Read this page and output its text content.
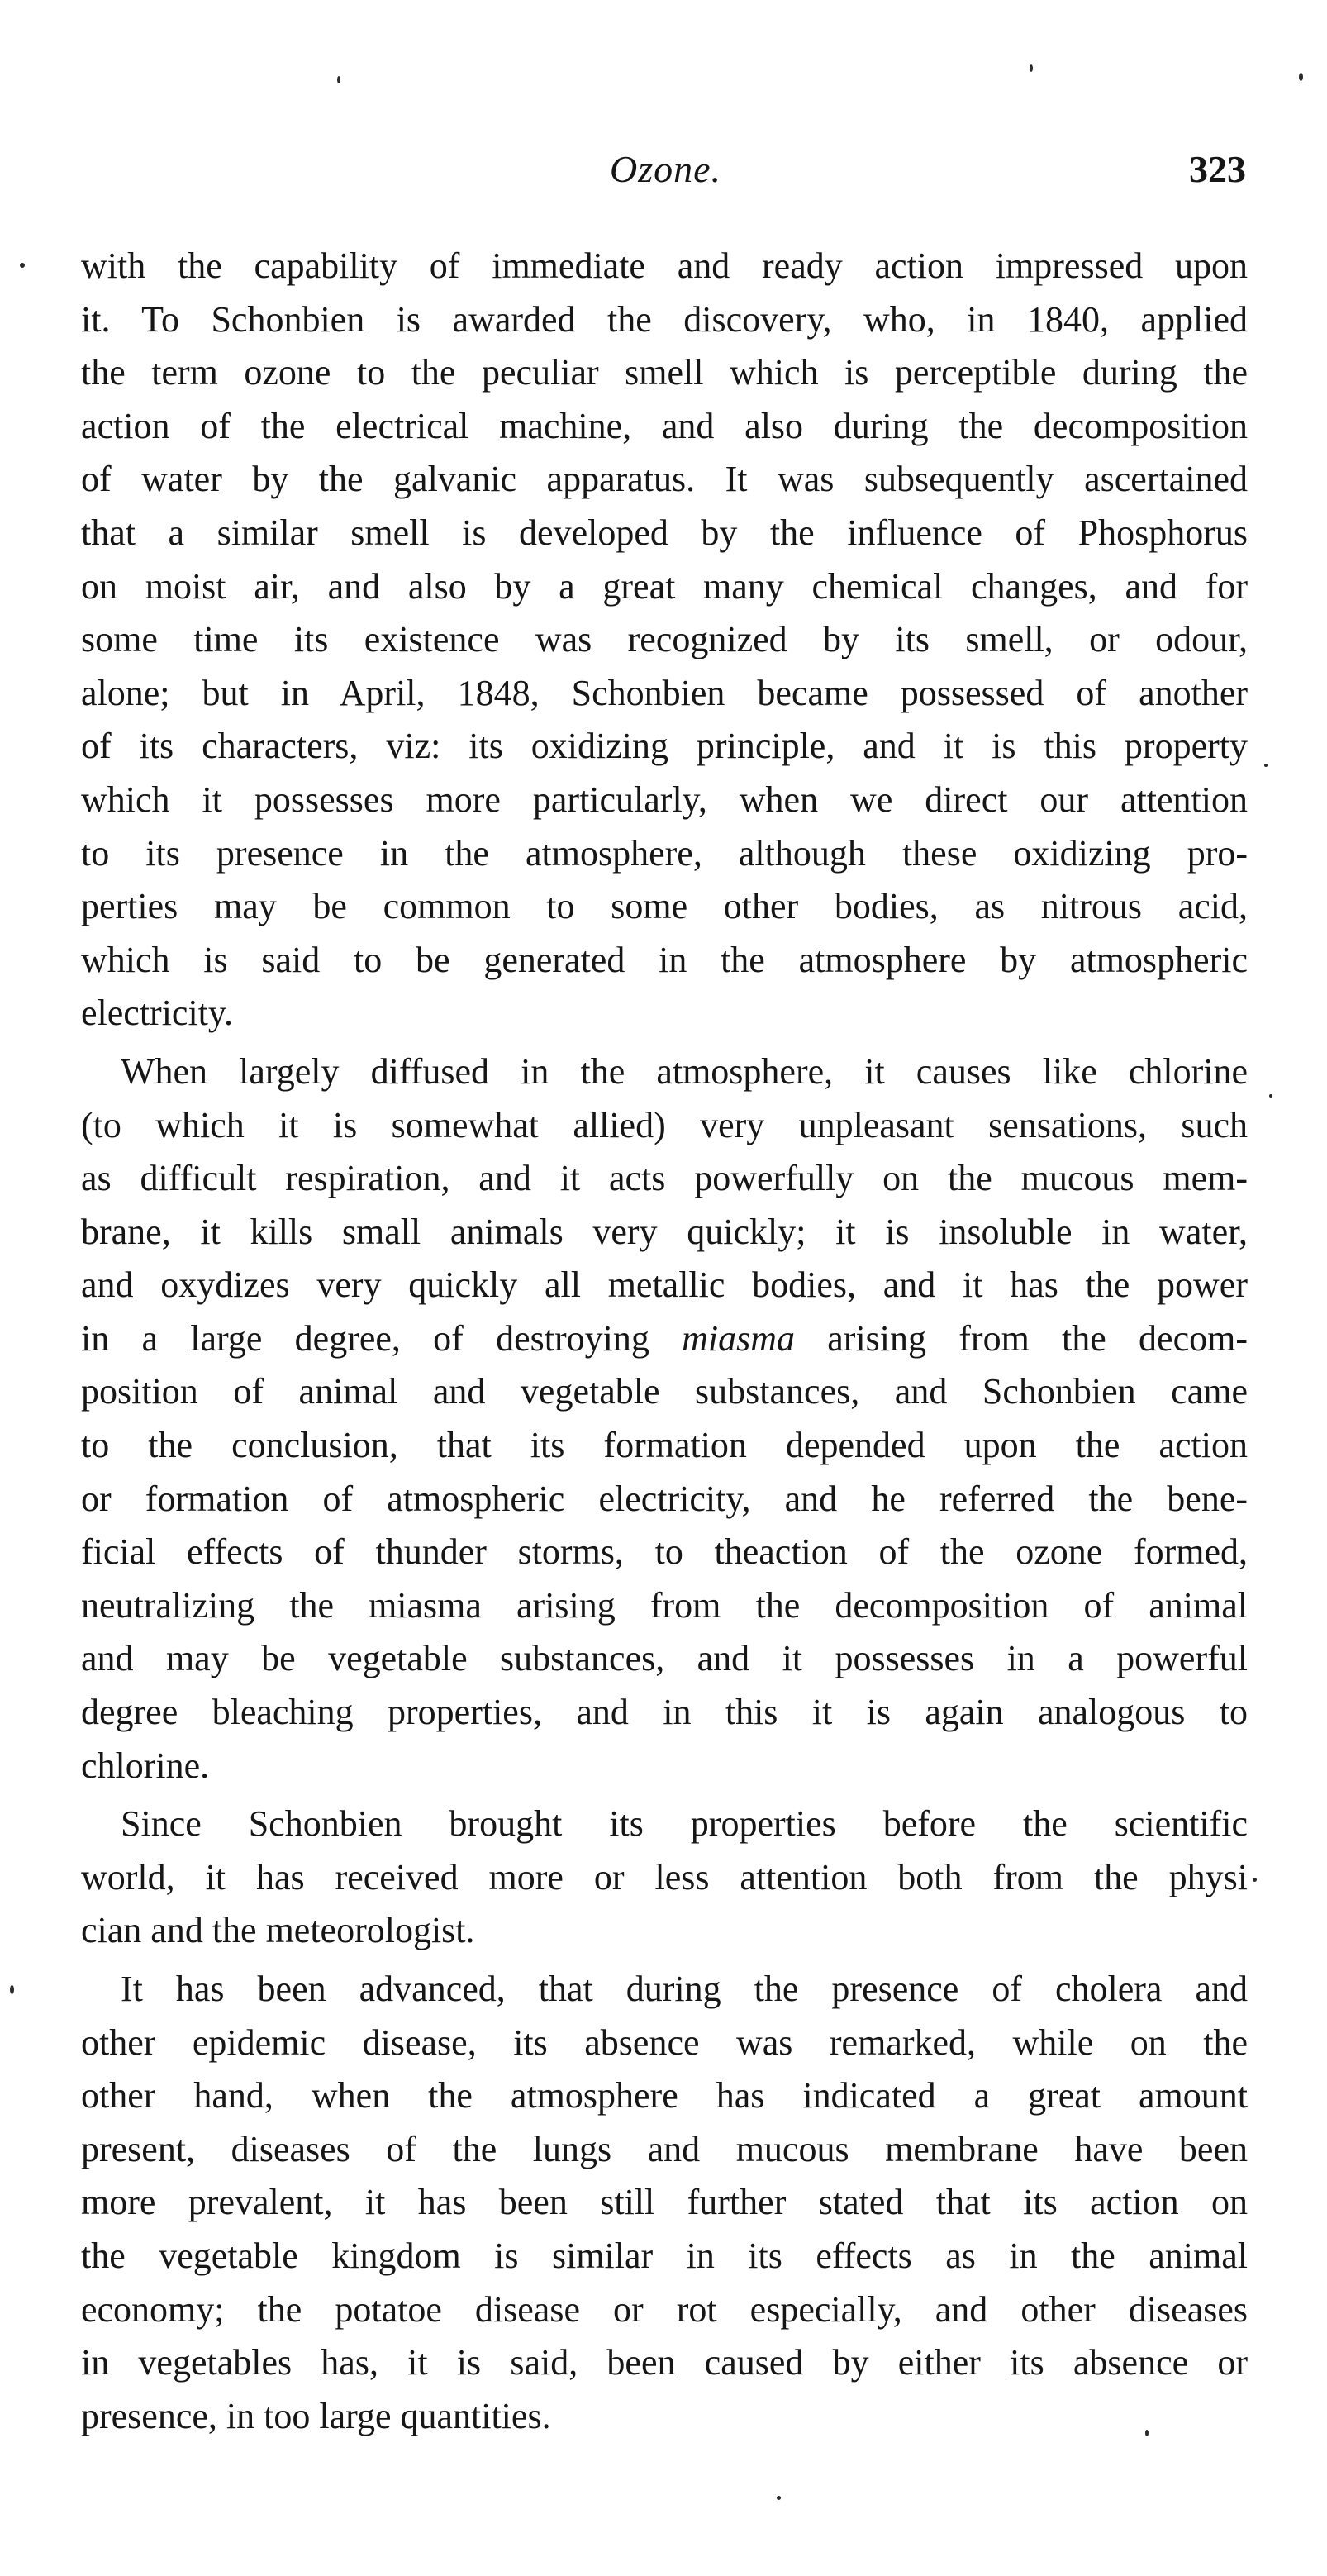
Ozone.	323

with the capability of immediate and ready action impressed upon
it. To Schonbien is awarded the discovery, who, in 1840, applied
the term ozone to the peculiar smell which is perceptible during the
action of the electrical machine, and also during the decomposition
of water by the galvanic apparatus. It was subsequently ascertained
that a similar smell is developed by the influence of Phosphorus
on moist air, and also by a great many chemical changes, and for
some time its existence was recognized by its smell, or odour,
alone; but in April, 1848, Schonbien became possessed of another
of its characters, viz: its oxidizing principle, and it is this property
which it possesses more particularly, when we direct our attention
to its presence in the atmosphere, although these oxidizing pro-
perties may be common to some other bodies, as nitrous acid,
which is said to be generated in the atmosphere by atmospheric
electricity.

When largely diffused in the atmosphere, it causes like chlorine
(to which it is somewhat allied) very unpleasant sensations, such
as difficult respiration, and it acts powerfully on the mucous mem-
brane, it kills small animals very quickly; it is insoluble in water,
and oxydizes very quickly all metallic bodies, and it has the power
in a large degree, of destroying miasma arising from the decom-
position of animal and vegetable substances, and Schonbien came
to the conclusion, that its formation depended upon the action
or formation of atmospheric electricity, and he referred the bene-
ficial effects of thunder storms, to theaction of the ozone formed,
neutralizing the miasma arising from the decomposition of animal
and may be vegetable substances, and it possesses in a powerful
degree bleaching properties, and in this it is again analogous to
chlorine.

Since Schonbien brought its properties before the scientific
world, it has received more or less attention both from the physi
cian and the meteorologist.

It has been advanced, that during the presence of cholera and
other epidemic disease, its absence was remarked, while on the
other hand, when the atmosphere has indicated a great amount
present, diseases of the lungs and mucous membrane have been
more prevalent, it has been still further stated that its action on
the vegetable kingdom is similar in its effects as in the animal
economy; the potatoe disease or rot especially, and other diseases
in vegetables has, it is said, been caused by either its absence or
presence, in too large quantities.
